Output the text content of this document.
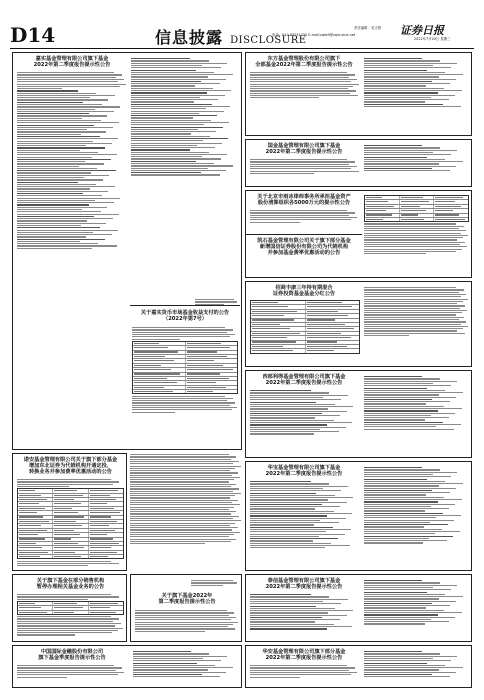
D14	信息披露 DISCLOSURE
责任编辑：吴文婷
电话：010-83251730 E-mail:zqrb9@zqrb.sina.net	证券日报
2022年7月20日 星期三
嘉实基金管理有限公司旗下基金
2022年第二季度报告提示性公告
关于嘉实货币市场基金收益支付的公告
（2022年第7号）
东方基金管理股份有限公司旗下
全部基金2022年第二季度报告提示性公告
国金基金管理有限公司旗下基金
2022年第二季度报告提示性公告
关于北京市雨冰律师事务所承担基金资产
股份清算组织各5000万元的提示性公告
凯石基金管理有限公司关于旗下部分基金
新增国信证券股份有限公司为代销机构
并参加基金费率优惠活动的公告
招商丰康三年持有期混合
证券投资基金基金分红公告
西部利得基金管理有限公司旗下基金
2022年第二季度报告提示性公告
诺安基金管理有限公司关于旗下部分基金
增加东北证券为代销机构开通定投、
转换业务并参加费率优惠活动的公告
华宝基金管理有限公司旗下基金
2022年第二季度报告提示性公告
关于旗下基金在部分销售机构
暂停办理相关基金业务的公告
关于旗下基金2022年
第二季度报告提示性公告
泰信基金管理有限公司旗下基金
2022年第二季度报告提示性公告
中国国际金融股份有限公司
旗下基金季度报告提示性公告
华安基金管理有限公司旗下部分基金
2022年第二季度报告提示性公告
